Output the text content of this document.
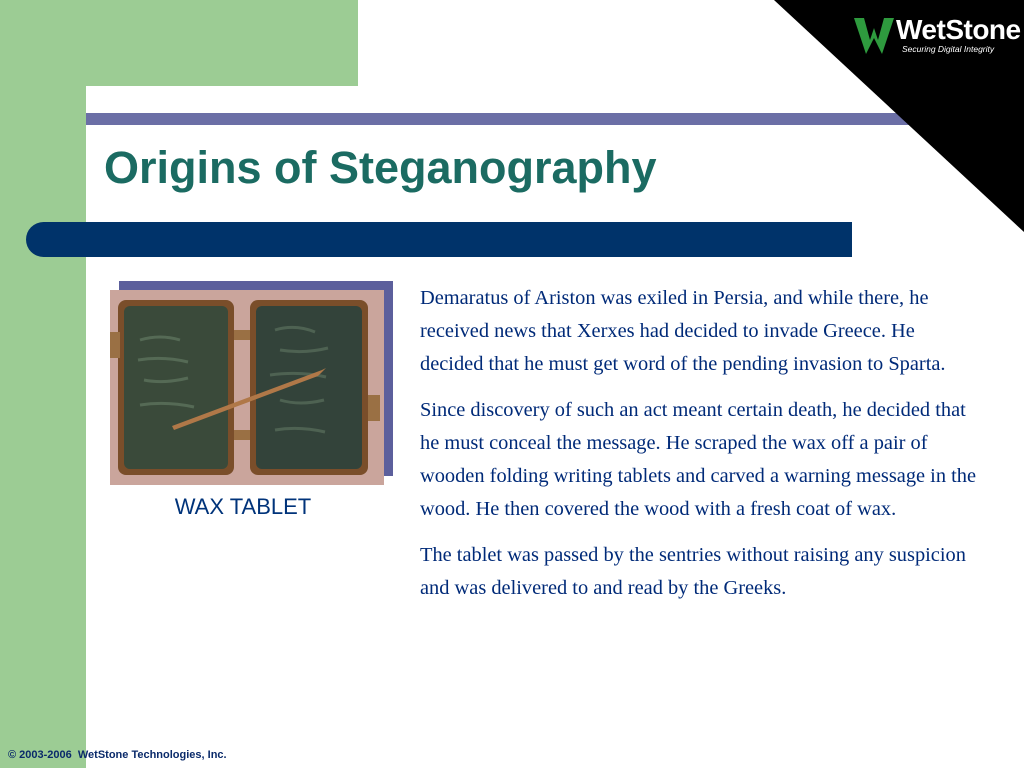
WetStone
Securing Digital Integrity
Origins of Steganography
WAX TABLET

Demaratus of Ariston was exiled in Persia, and while there, he received news that Xerxes had decided to invade Greece. He decided that he must get word of the pending invasion to Sparta.

Since discovery of such an act meant certain death, he decided that he must conceal the message. He scraped the wax off a pair of wooden folding writing tablets and carved a warning message in the wood. He then covered the wood with a fresh coat of wax.

The tablet was passed by the sentries without raising any suspicion and was delivered to and read by the Greeks.

© 2003-2006  WetStone Technologies, Inc.
